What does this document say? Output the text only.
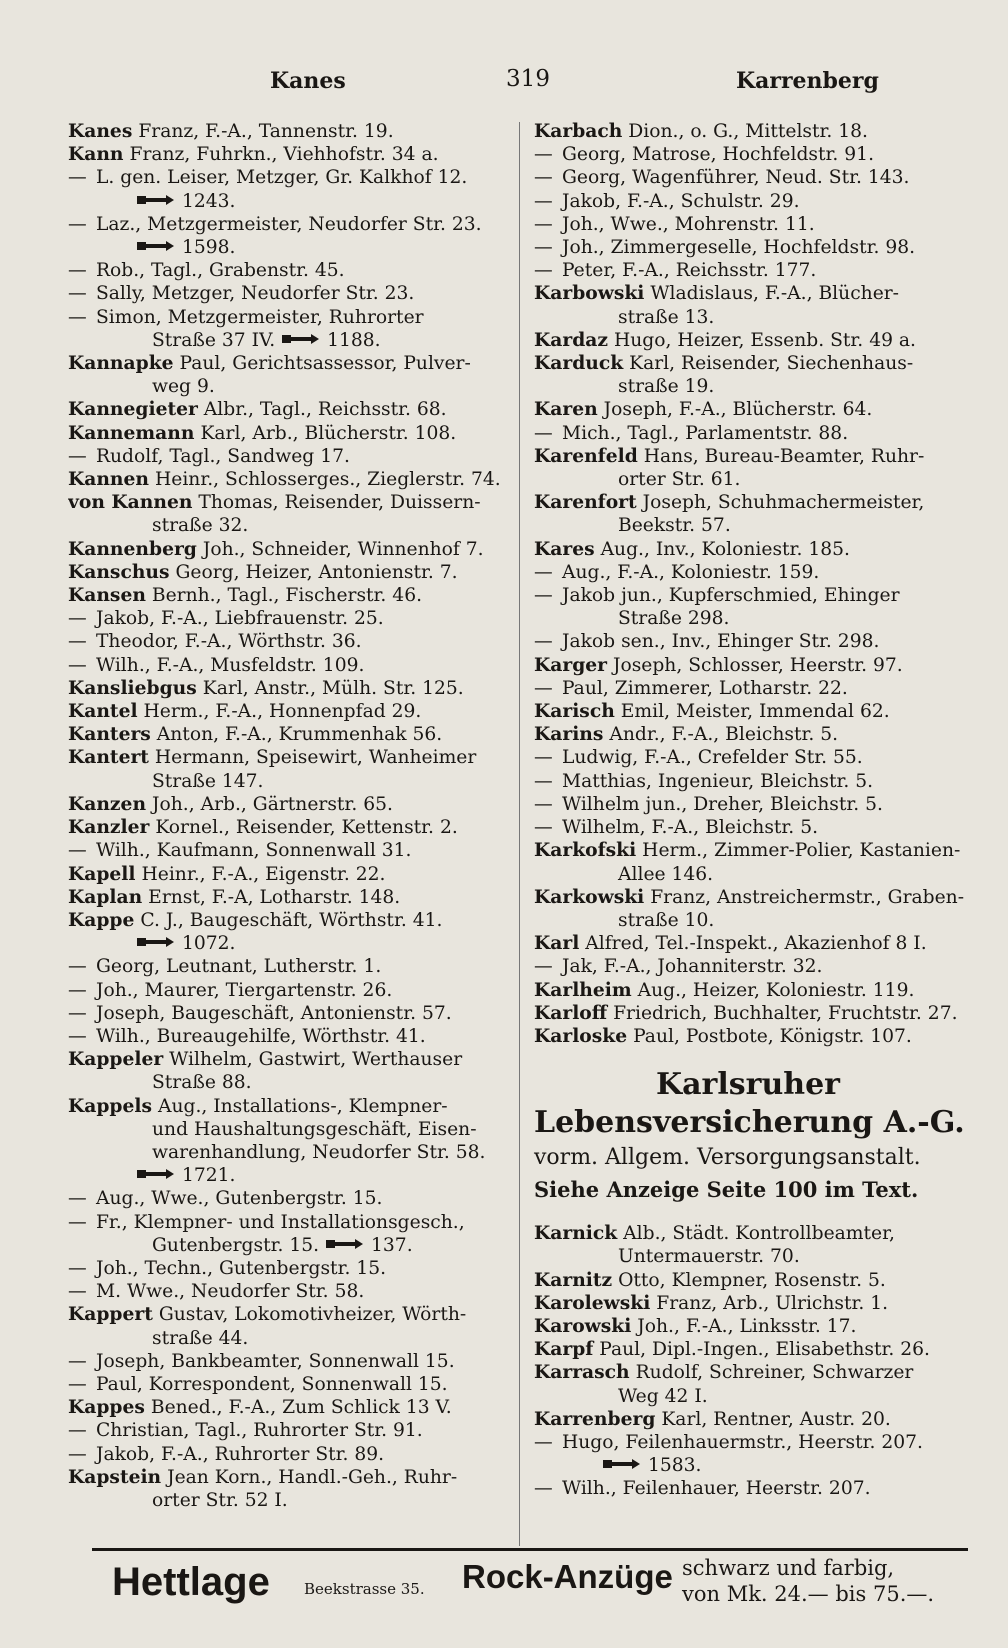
Kanes	319	Karrenberg
Kanes Franz, F.-A., Tannenstr. 19.
Kann Franz, Fuhrkn., Viehhofstr. 34 a.
— L. gen. Leiser, Metzger, Gr. Kalkhof 12.
1243.
— Laz., Metzgermeister, Neudorfer Str. 23.
1598.
— Rob., Tagl., Grabenstr. 45.
— Sally, Metzger, Neudorfer Str. 23.
— Simon, Metzgermeister, Ruhrorter
Straße 37 IV.	1188.
Kannapke Paul, Gerichtsassessor, Pulver-
weg 9.
Kannegieter Albr., Tagl., Reichsstr. 68.
Kannemann Karl, Arb., Blücherstr. 108.
— Rudolf, Tagl., Sandweg 17.
Kannen Heinr., Schlosserges., Zieglerstr. 74.
von Kannen Thomas, Reisender, Duissern-
straße 32.
Kannenberg Joh., Schneider, Winnenhof 7.
Kanschus Georg, Heizer, Antonienstr. 7.
Kansen Bernh., Tagl., Fischerstr. 46.
— Jakob, F.-A., Liebfrauenstr. 25.
— Theodor, F.-A., Wörthstr. 36.
— Wilh., F.-A., Musfeldstr. 109.
Kansliebgus Karl, Anstr., Mülh. Str. 125.
Kantel Herm., F.-A., Honnenpfad 29.
Kanters Anton, F.-A., Krummenhak 56.
Kantert Hermann, Speisewirt, Wanheimer
Straße 147.
Kanzen Joh., Arb., Gärtnerstr. 65.
Kanzler Kornel., Reisender, Kettenstr. 2.
— Wilh., Kaufmann, Sonnenwall 31.
Kapell Heinr., F.-A., Eigenstr. 22.
Kaplan Ernst, F.-A, Lotharstr. 148.
Kappe C. J., Baugeschäft, Wörthstr. 41.
1072.
— Georg, Leutnant, Lutherstr. 1.
— Joh., Maurer, Tiergartenstr. 26.
— Joseph, Baugeschäft, Antonienstr. 57.
— Wilh., Bureaugehilfe, Wörthstr. 41.
Kappeler Wilhelm, Gastwirt, Werthauser
Straße 88.
Kappels Aug., Installations-, Klempner-
und Haushaltungsgeschäft, Eisen-
warenhandlung, Neudorfer Str. 58.
1721.
— Aug., Wwe., Gutenbergstr. 15.
— Fr., Klempner- und Installationsgesch.,
Gutenbergstr. 15.	137.
— Joh., Techn., Gutenbergstr. 15.
— M. Wwe., Neudorfer Str. 58.
Kappert Gustav, Lokomotivheizer, Wörth-
straße 44.
— Joseph, Bankbeamter, Sonnenwall 15.
— Paul, Korrespondent, Sonnenwall 15.
Kappes Bened., F.-A., Zum Schlick 13 V.
— Christian, Tagl., Ruhrorter Str. 91.
— Jakob, F.-A., Ruhrorter Str. 89.
Kapstein Jean Korn., Handl.-Geh., Ruhr-
orter Str. 52 I.
Karbach Dion., o. G., Mittelstr. 18.
— Georg, Matrose, Hochfeldstr. 91.
— Georg, Wagenführer, Neud. Str. 143.
— Jakob, F.-A., Schulstr. 29.
— Joh., Wwe., Mohrenstr. 11.
— Joh., Zimmergeselle, Hochfeldstr. 98.
— Peter, F.-A., Reichsstr. 177.
Karbowski Wladislaus, F.-A., Blücher-
straße 13.
Kardaz Hugo, Heizer, Essenb. Str. 49 a.
Karduck Karl, Reisender, Siechenhaus-
straße 19.
Karen Joseph, F.-A., Blücherstr. 64.
— Mich., Tagl., Parlamentstr. 88.
Karenfeld Hans, Bureau-Beamter, Ruhr-
orter Str. 61.
Karenfort Joseph, Schuhmachermeister,
Beekstr. 57.
Kares Aug., Inv., Koloniestr. 185.
— Aug., F.-A., Koloniestr. 159.
— Jakob jun., Kupferschmied, Ehinger
Straße 298.
— Jakob sen., Inv., Ehinger Str. 298.
Karger Joseph, Schlosser, Heerstr. 97.
— Paul, Zimmerer, Lotharstr. 22.
Karisch Emil, Meister, Immendal 62.
Karins Andr., F.-A., Bleichstr. 5.
— Ludwig, F.-A., Crefelder Str. 55.
— Matthias, Ingenieur, Bleichstr. 5.
— Wilhelm jun., Dreher, Bleichstr. 5.
— Wilhelm, F.-A., Bleichstr. 5.
Karkofski Herm., Zimmer-Polier, Kastanien-
Allee 146.
Karkowski Franz, Anstreichermstr., Graben-
straße 10.
Karl Alfred, Tel.-Inspekt., Akazienhof 8 I.
— Jak, F.-A., Johanniterstr. 32.
Karlheim Aug., Heizer, Koloniestr. 119.
Karloff Friedrich, Buchhalter, Fruchtstr. 27.
Karloske Paul, Postbote, Königstr. 107.
Karlsruher
Lebensversicherung A.-G.
vorm. Allgem. Versorgungsanstalt.
Siehe Anzeige Seite 100 im Text.
Karnick Alb., Städt. Kontrollbeamter,
Untermauerstr. 70.
Karnitz Otto, Klempner, Rosenstr. 5.
Karolewski Franz, Arb., Ulrichstr. 1.
Karowski Joh., F.-A., Linksstr. 17.
Karpf Paul, Dipl.-Ingen., Elisabethstr. 26.
Karrasch Rudolf, Schreiner, Schwarzer
Weg 42 I.
Karrenberg Karl, Rentner, Austr. 20.
— Hugo, Feilenhauermstr., Heerstr. 207.
1583.
— Wilh., Feilenhauer, Heerstr. 207.
Hettlage Beekstrasse 35. Rock-Anzüge schwarz und farbig,
von Mk. 24.— bis 75.—.
